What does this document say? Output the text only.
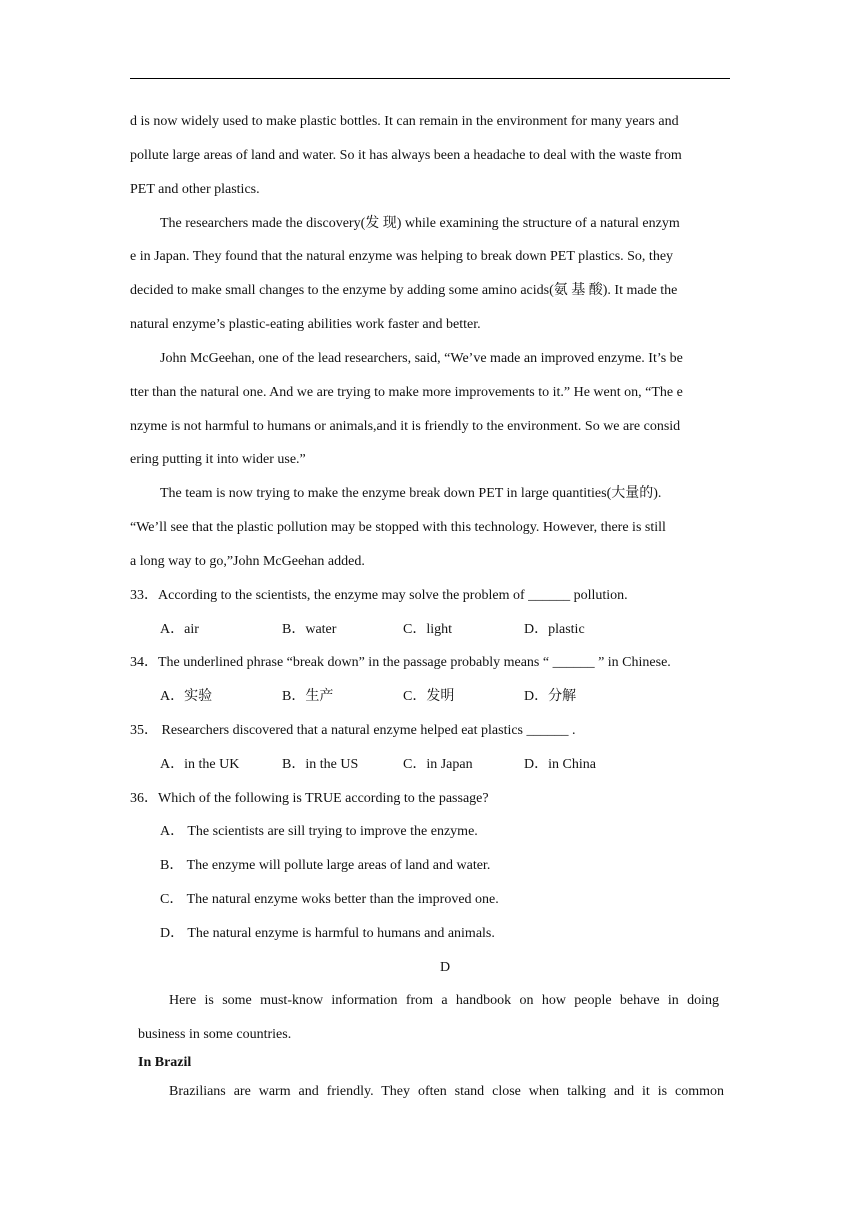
d is now widely used to make plastic bottles. It can remain in the environment for many years and
pollute large areas of land and water. So it has always been a headache to deal with the waste from
PET and other plastics.
The researchers made the discovery(发 现) while examining the structure of a natural enzym
e in Japan. They found that the natural enzyme was helping to break down PET plastics. So, they
decided to make small changes to the enzyme by adding some amino acids(氨 基 酸). It made the
natural enzyme’s plastic-eating abilities work faster and better.
John McGeehan, one of the lead researchers, said, “We’ve made an improved enzyme. It’s be
tter than the natural one. And we are trying to make more improvements to it.” He went on, “The e
nzyme is not harmful to humans or animals,and it is friendly to the environment. So we are consid
ering putting it into wider use.”
The team is now trying to make the enzyme break down PET in large quantities(大量的).
“We’ll see that the plastic pollution may be stopped with this technology. However, there is still
a long way to go,”John McGeehan added.
33．According to the scientists, the enzyme may solve the problem of ______ pollution.
A．air	B．water	C．light	D．plastic
34．The underlined phrase “break down” in the passage probably means “ ______ ” in Chinese.
A．实验	B．生产	C．发明	D．分解
35． Researchers discovered that a natural enzyme helped eat plastics ______ .
A．in the UK	B．in the US	C．in Japan	D．in China
36．Which of the following is TRUE according to the passage?
A． The scientists are sill trying to improve the enzyme.
B． The enzyme will pollute large areas of land and water.
C． The natural enzyme woks better than the improved one.
D． The natural enzyme is harmful to humans and animals.
D
Here is some must-know information from a handbook on how people behave in doing
business in some countries.
In Brazil
Brazilians are warm and friendly. They often stand close when talking and it is common
